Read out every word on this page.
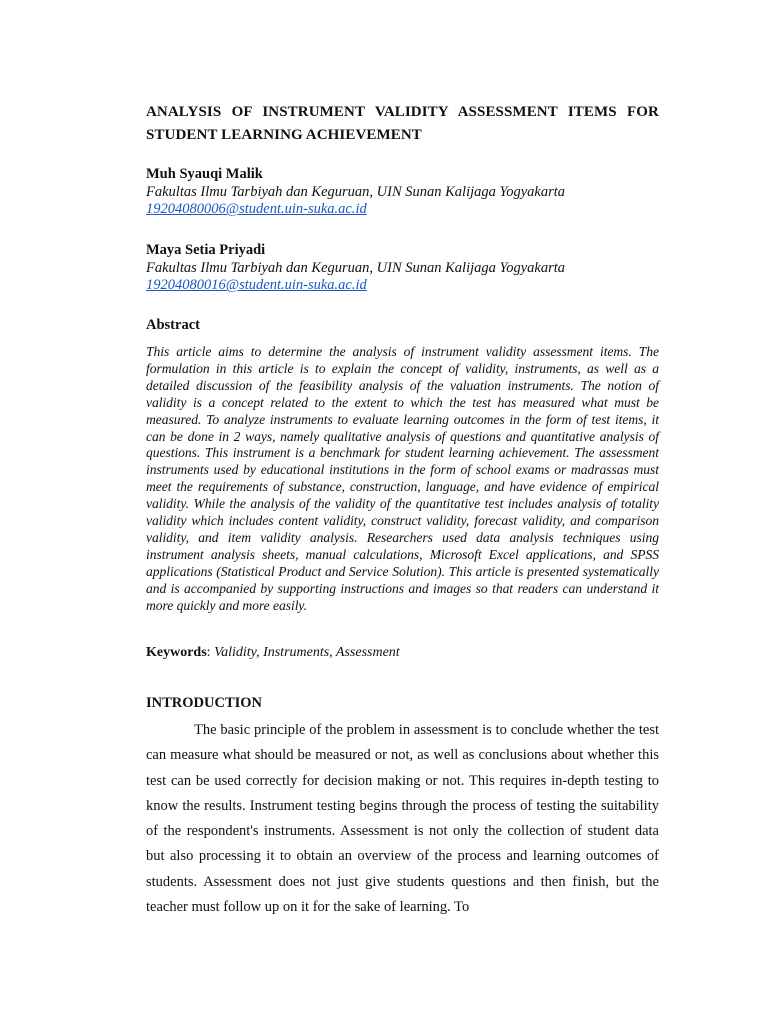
ANALYSIS OF INSTRUMENT VALIDITY ASSESSMENT ITEMS FOR STUDENT LEARNING ACHIEVEMENT
Muh Syauqi Malik
Fakultas Ilmu Tarbiyah dan Keguruan, UIN Sunan Kalijaga Yogyakarta
19204080006@student.uin-suka.ac.id
Maya Setia Priyadi
Fakultas Ilmu Tarbiyah dan Keguruan, UIN Sunan Kalijaga Yogyakarta
19204080016@student.uin-suka.ac.id
Abstract
This article aims to determine the analysis of instrument validity assessment items. The formulation in this article is to explain the concept of validity, instruments, as well as a detailed discussion of the feasibility analysis of the valuation instruments. The notion of validity is a concept related to the extent to which the test has measured what must be measured. To analyze instruments to evaluate learning outcomes in the form of test items, it can be done in 2 ways, namely qualitative analysis of questions and quantitative analysis of questions. This instrument is a benchmark for student learning achievement. The assessment instruments used by educational institutions in the form of school exams or madrassas must meet the requirements of substance, construction, language, and have evidence of empirical validity. While the analysis of the validity of the quantitative test includes analysis of totality validity which includes content validity, construct validity, forecast validity, and comparison validity, and item validity analysis. Researchers used data analysis techniques using instrument analysis sheets, manual calculations, Microsoft Excel applications, and SPSS applications (Statistical Product and Service Solution). This article is presented systematically and is accompanied by supporting instructions and images so that readers can understand it more quickly and more easily.
Keywords: Validity, Instruments, Assessment
INTRODUCTION
The basic principle of the problem in assessment is to conclude whether the test can measure what should be measured or not, as well as conclusions about whether this test can be used correctly for decision making or not. This requires in-depth testing to know the results. Instrument testing begins through the process of testing the suitability of the respondent's instruments. Assessment is not only the collection of student data but also processing it to obtain an overview of the process and learning outcomes of students. Assessment does not just give students questions and then finish, but the teacher must follow up on it for the sake of learning. To
